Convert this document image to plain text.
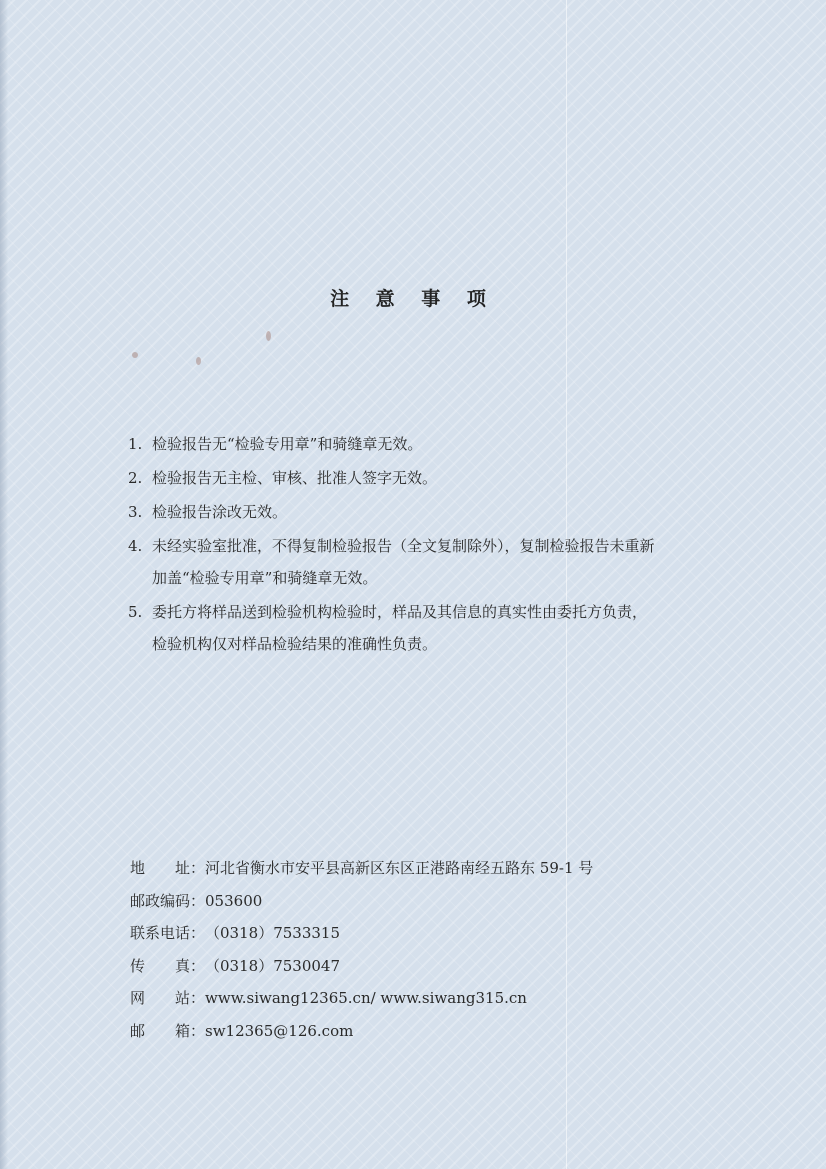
注 意 事 项
1. 检验报告无“检验专用章”和骑缝章无效。
2. 检验报告无主检、审核、批准人签字无效。
3. 检验报告涂改无效。
4. 未经实验室批准，不得复制检验报告（全文复制除外），复制检验报告未重新
加盖“检验专用章”和骑缝章无效。
5. 委托方将样品送到检验机构检验时，样品及其信息的真实性由委托方负责，
检验机构仅对样品检验结果的准确性负责。
地　　址：河北省衡水市安平县高新区东区正港路南经五路东 59-1 号
邮政编码：053600
联系电话：（0318）7533315
传　　真：（0318）7530047
网　　站：www.siwang12365.cn/ www.siwang315.cn
邮　　箱：sw12365@126.com
